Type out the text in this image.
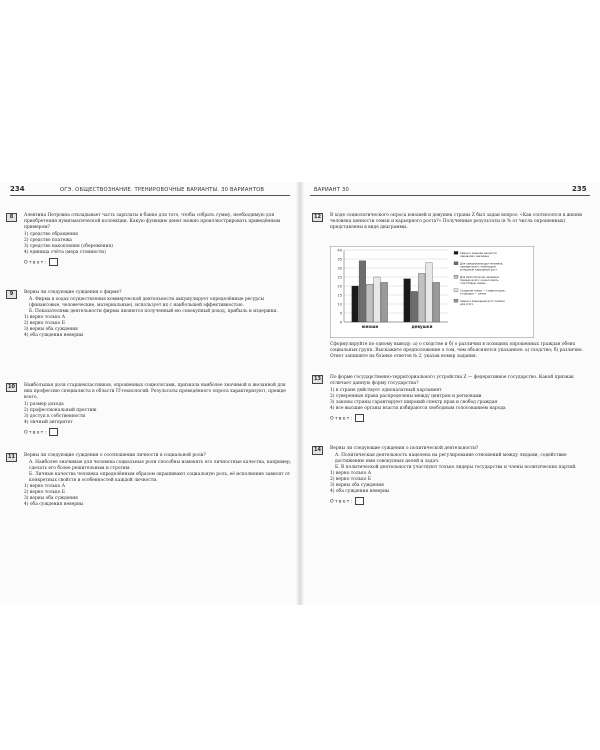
234	ОГЭ. ОБЩЕСТВОЗНАНИЕ. ТРЕНИРОВОЧНЫЕ ВАРИАНТЫ. 30 ВАРИАНТОВ
8	Алевтина Петровна откладывает часть зарплаты в банке для того, чтобы собрать сумму, необходимую для приобретения нумизматической коллекции. Какую функцию денег можно проиллюстрировать приведённым примером?

1) средство обращения

2) средство платежа

3) средство накопления (сбережения)

4) единица счёта (мера стоимости)

Ответ:
9	Верны ли следующие суждения о фирме?

А. Фирма в ходах осуществления коммерческой деятельности аккумулирует определённые ресурсы (финансовые, человеческие, материальные), использует их с наибольшей эффективностью.

Б. Показателями деятельности фирмы являются полученный ею совокупный доход, прибыль и издержки.

1) верно только А

2) верно только Б

3) верны оба суждения

4) оба суждения неверны

10	Наибольшая доля старшеклассников, опрошенных социологами, признала наиболее значимой и желанной для них профессию специалиста в области IT-технологий. Результаты проведённого опроса характеризуют, прежде всего,

1) размер дохода

2) профессиональный престиж

3) доступ к собственности

4) личный авторитет

Ответ:
11	Верны ли следующие суждения о соотношении личности в социальной роли?

А. Наиболее значимые для человека социальные роли способны изменять его личностные качества, например, сделать его более решительным и строгим.

Б. Личные качества человека определённым образом окрашивают социальную роль, её исполнение зависит от конкретных свойств и особенностей каждой личности.

1) верно только А

2) верно только Б

3) верны оба суждения

4) оба суждения неверны

ВАРИАНТ 30	235
12	В ходе социологического опроса юношей и девушек страны Z был задан вопрос: «Как соотносятся в жизни человека ценности семьи и карьерного роста?» Полученные результаты (в % от числа опрошенных) представлены в виде диаграммы.

0
5
10
15
20
25
30
35
40
юноши	девушки
Семья и карьера ценности одинаково значимые
Для самореализации человека, прежде всего, необходим успешный карьерный рост
Для благополучия человека, прежде всего, нужно иметь счастливую семью
Создание семьи — главная цель, а карьера — затем
Семья и карьерный рост помехи для этого

Сформулируйте по одному выводу: а) о сходстве и б) о различии в позициях опрошенных граждан обеих социальных групп. Выскажите предположение о том, чем объясняется указанное: а) сходство; б) различие.

Ответ запишите на бланке ответов № 2, указав номер задания.

13	По форме государственно-территориального устройства Z — федеративное государство. Какой признак отличает данную форму государства?

1) в стране действует однопалатный парламент

2) суверенные права распределены между центром и регионами

3) законы страны гарантируют широкий спектр прав и свобод граждан

4) все высшие органы власти избираются свободным голосованием народа

Ответ:
14	Верны ли следующие суждения о политической деятельности?

А. Политическая деятельность нацелена на регулирование отношений между людьми, содействие достижению ими совокупных целей и задач.

Б. В политической деятельности участвуют только лидеры государства и члены политических партий.

1) верно только А

2) верно только Б

3) верны оба суждения

4) оба суждения неверны

Ответ:
